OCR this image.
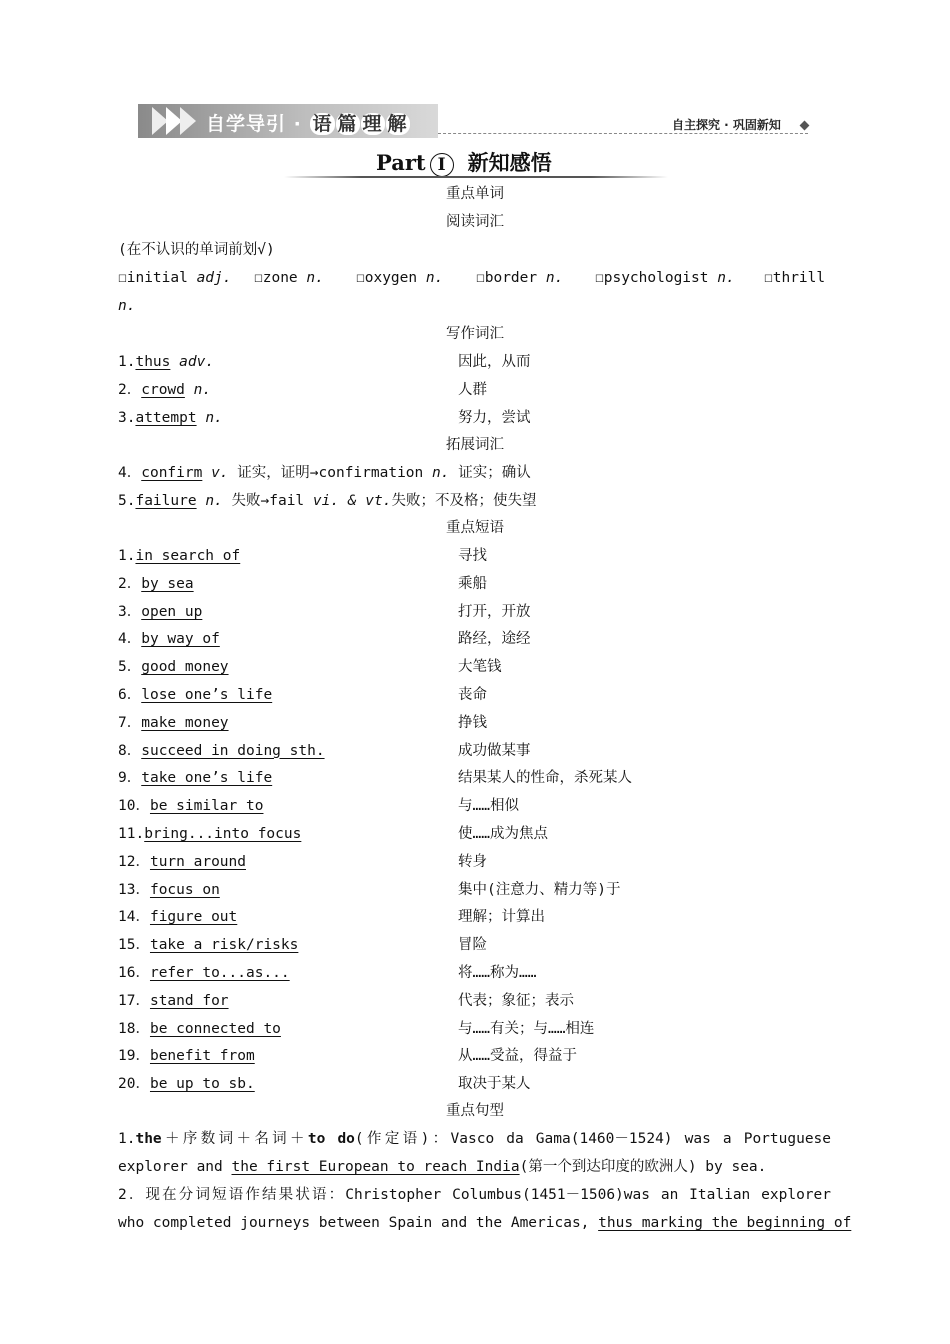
自学导引 · 语 篇 理 解	自主探究 · 巩固新知
Part I 新知感悟
重点单词
阅读词汇
(在不认识的单词前划√)
☐initial adj. ☐zone n. ☐oxygen n. ☐border n. ☐psychologist n. ☐thrill
n.
写作词汇
1.thus adv.	因此，从而
2．crowd n.	人群
3.attempt n.	努力，尝试
拓展词汇
4．confirm v. 证实，证明→confirmation n. 证实；确认
5.failure n. 失败→fail vi. & vt.失败；不及格；使失望
重点短语
1.in search of	寻找
2．by sea	乘船
3．open up	打开，开放
4．by way of	路经，途经
5．good money	大笔钱
6．lose one’s life	丧命
7．make money	挣钱
8．succeed in doing sth.	成功做某事
9．take one’s life	结果某人的性命，杀死某人
10．be similar to	与……相似
11.bring...into focus	使……成为焦点
12．turn around	转身
13．focus on	集中(注意力、精力等)于
14．figure out	理解；计算出
15．take a risk/risks	冒险
16．refer to...as...	将……称为……
17．stand for	代表；象征；表示
18．be connected to	与……有关；与……相连
19．benefit from	从……受益，得益于
20．be up to sb.	取决于某人
重点句型
1.the＋序数词＋名词＋to do(作定语)：Vasco da Gama(1460－1524) was a Portuguese
explorer and the first European to reach India(第一个到达印度的欧洲人) by sea.
2．现在分词短语作结果状语：Christopher Columbus(1451－1506)was an Italian explorer
who completed journeys between Spain and the Americas, thus marking the beginning of
